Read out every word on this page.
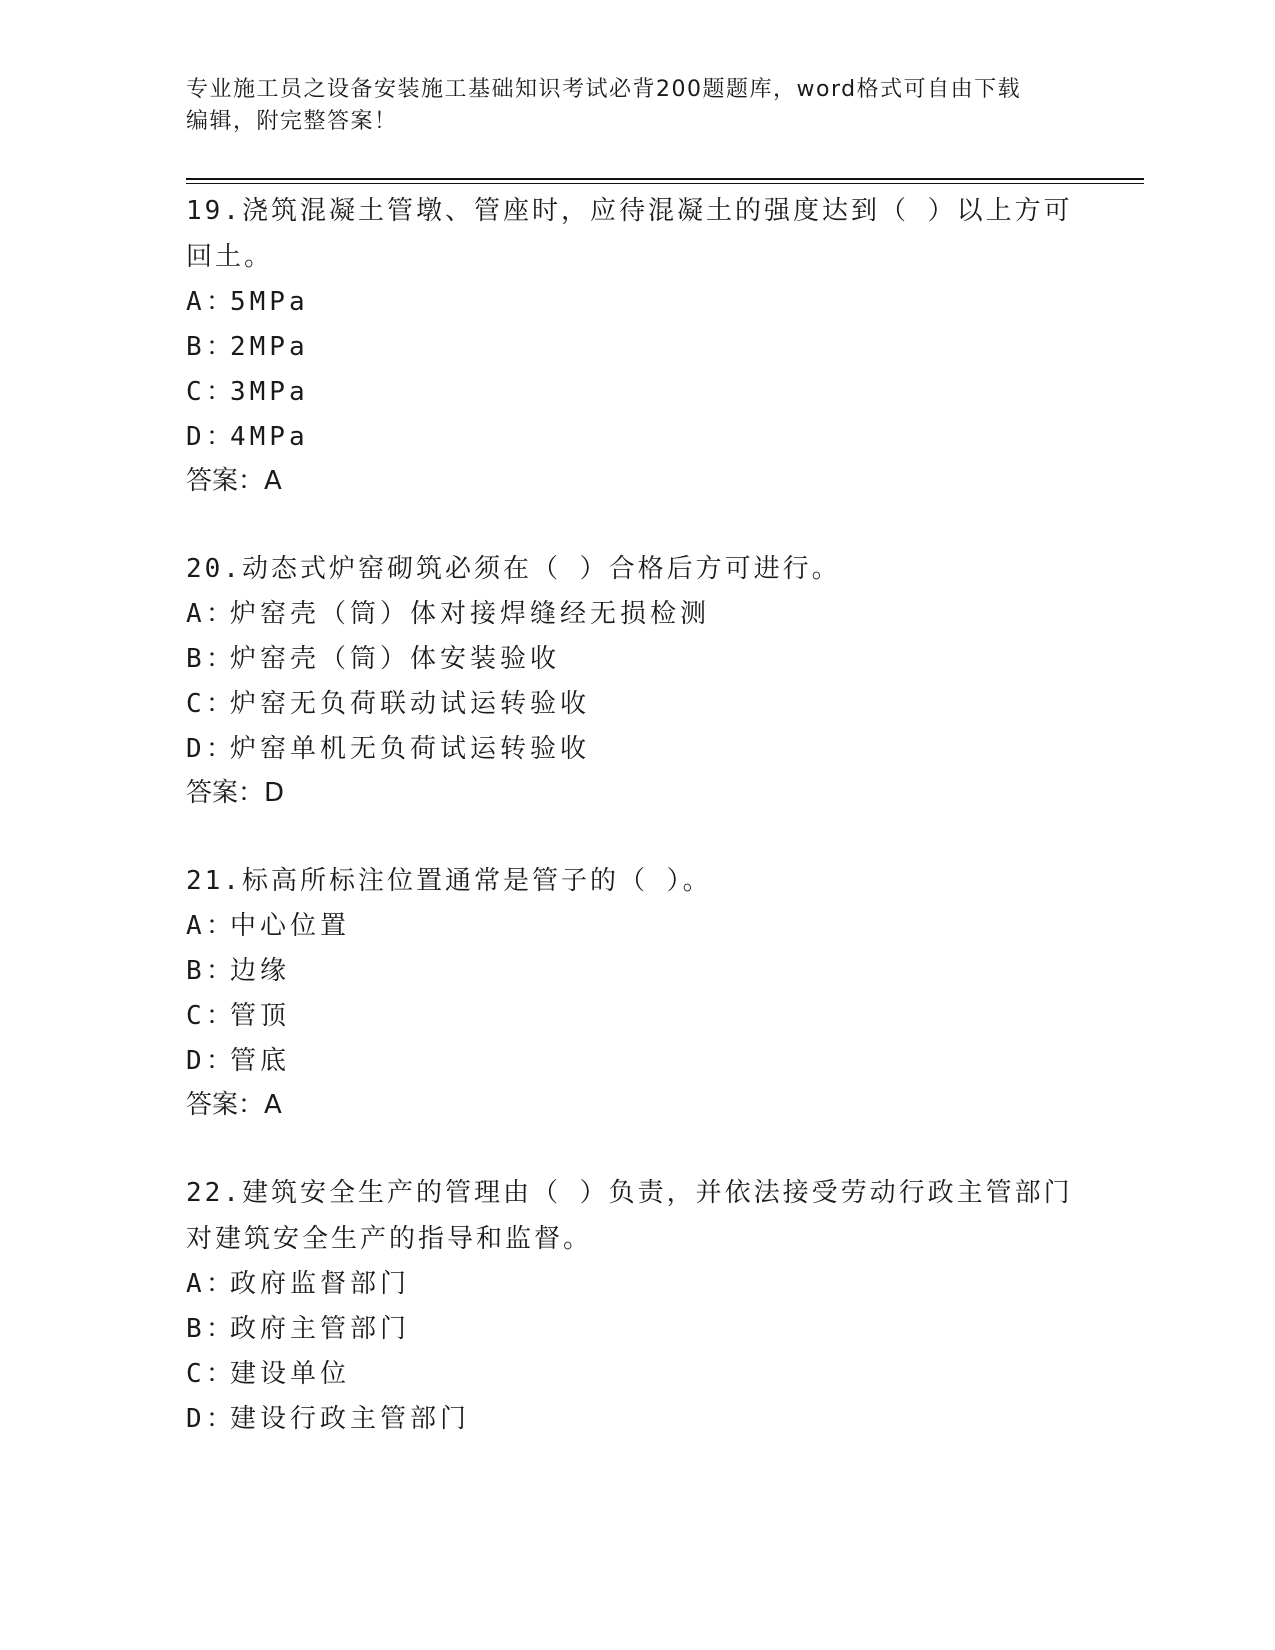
专业施工员之设备安装施工基础知识考试必背200题题库，word格式可自由下载
编辑，附完整答案！

19.浇筑混凝土管墩、管座时，应待混凝土的强度达到（ ）以上方可
回土。

A ：5MPa

B ：2MPa

C ：3MPa

D ：4MPa

答案：A

20.动态式炉窑砌筑必须在（ ）合格后方可进行。

A ：炉窑壳（筒）体对接焊缝经无损检测

B ：炉窑壳（筒）体安装验收

C ：炉窑无负荷联动试运转验收

D ：炉窑单机无负荷试运转验收

答案：D

21.标高所标注位置通常是管子的（ ）。

A ：中心位置

B ：边缘

C ：管顶

D ：管底

答案：A

22.建筑安全生产的管理由（ ）负责，并依法接受劳动行政主管部门
对建筑安全生产的指导和监督。

A ：政府监督部门

B ：政府主管部门

C ：建设单位

D ：建设行政主管部门
